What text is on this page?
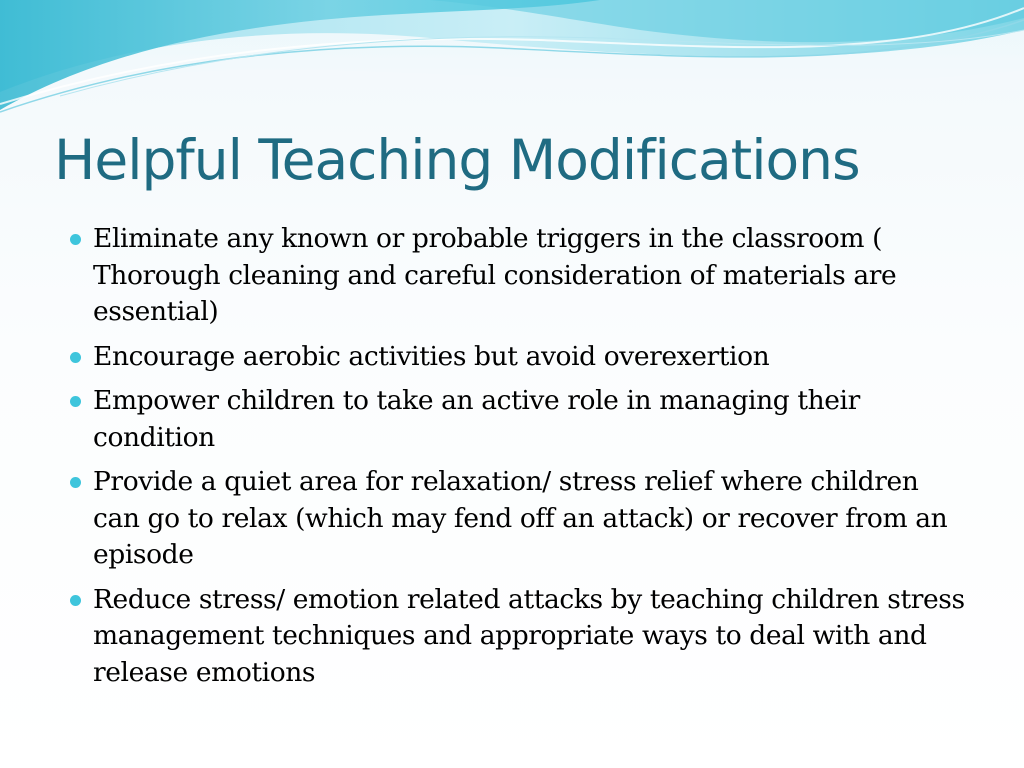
Helpful Teaching Modifications
Eliminate any known or probable triggers in the classroom ( Thorough cleaning and careful consideration of materials are essential)
Encourage aerobic activities but avoid overexertion
Empower children to take an active role in managing their condition
Provide a quiet area for relaxation/ stress relief where children can go to relax (which may fend off an attack) or recover from an episode
Reduce stress/ emotion related attacks by teaching children stress management techniques and appropriate ways to deal with and release emotions
